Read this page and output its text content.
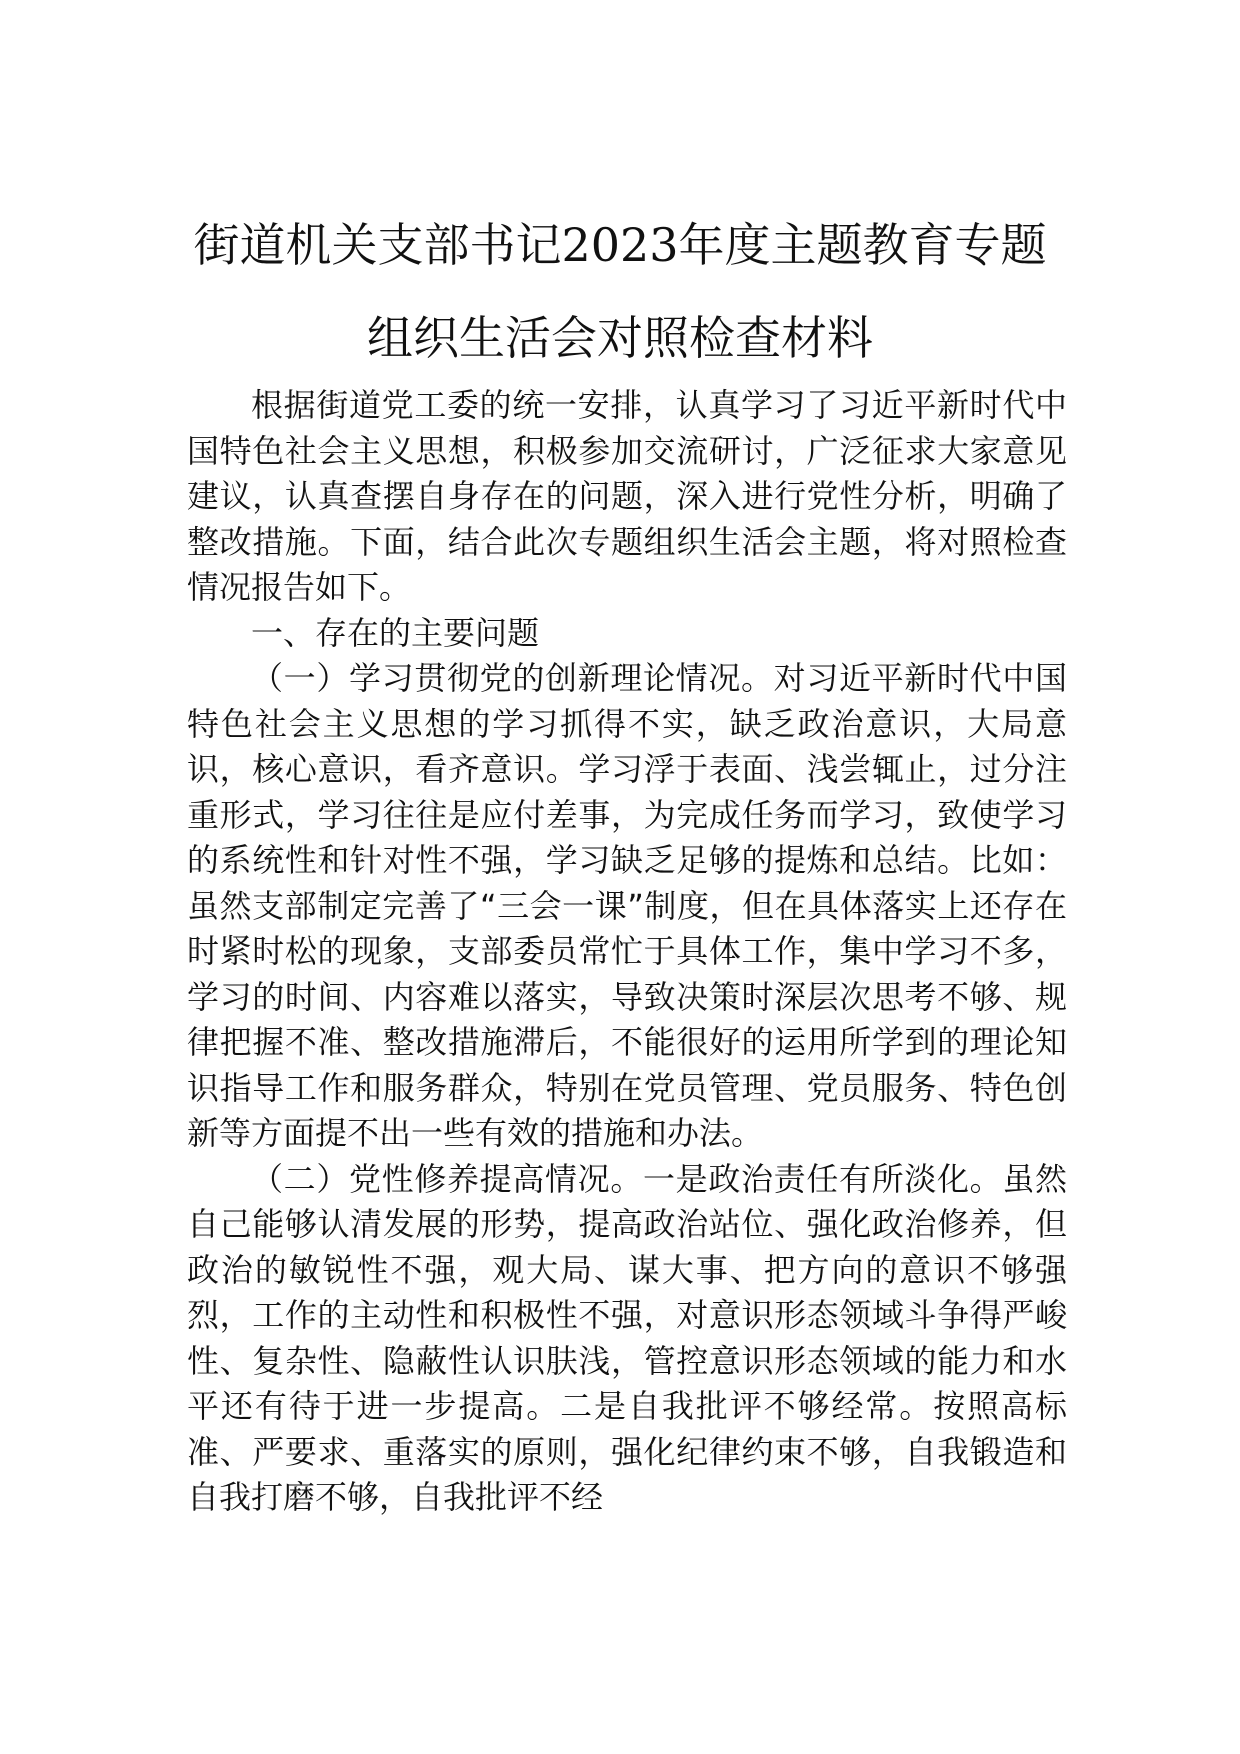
街道机关支部书记2023年度主题教育专题
组织生活会对照检查材料

根据街道党工委的统一安排，认真学习了习近平新时代中国特色社会主义思想，积极参加交流研讨，广泛征求大家意见建议，认真查摆自身存在的问题，深入进行党性分析，明确了整改措施。下面，结合此次专题组织生活会主题，将对照检查情况报告如下。

一、存在的主要问题

（一）学习贯彻党的创新理论情况。对习近平新时代中国特色社会主义思想的学习抓得不实，缺乏政治意识，大局意识，核心意识，看齐意识。学习浮于表面、浅尝辄止，过分注重形式，学习往往是应付差事，为完成任务而学习，致使学习的系统性和针对性不强，学习缺乏足够的提炼和总结。比如：虽然支部制定完善了“三会一课”制度，但在具体落实上还存在时紧时松的现象，支部委员常忙于具体工作，集中学习不多，学习的时间、内容难以落实，导致决策时深层次思考不够、规律把握不准、整改措施滞后，不能很好的运用所学到的理论知识指导工作和服务群众，特别在党员管理、党员服务、特色创新等方面提不出一些有效的措施和办法。

（二）党性修养提高情况。一是政治责任有所淡化。虽然自己能够认清发展的形势，提高政治站位、强化政治修养，但政治的敏锐性不强，观大局、谋大事、把方向的意识不够强烈，工作的主动性和积极性不强，对意识形态领域斗争得严峻性、复杂性、隐蔽性认识肤浅，管控意识形态领域的能力和水平还有待于进一步提高。二是自我批评不够经常。按照高标准、严要求、重落实的原则，强化纪律约束不够，自我锻造和自我打磨不够，自我批评不经
